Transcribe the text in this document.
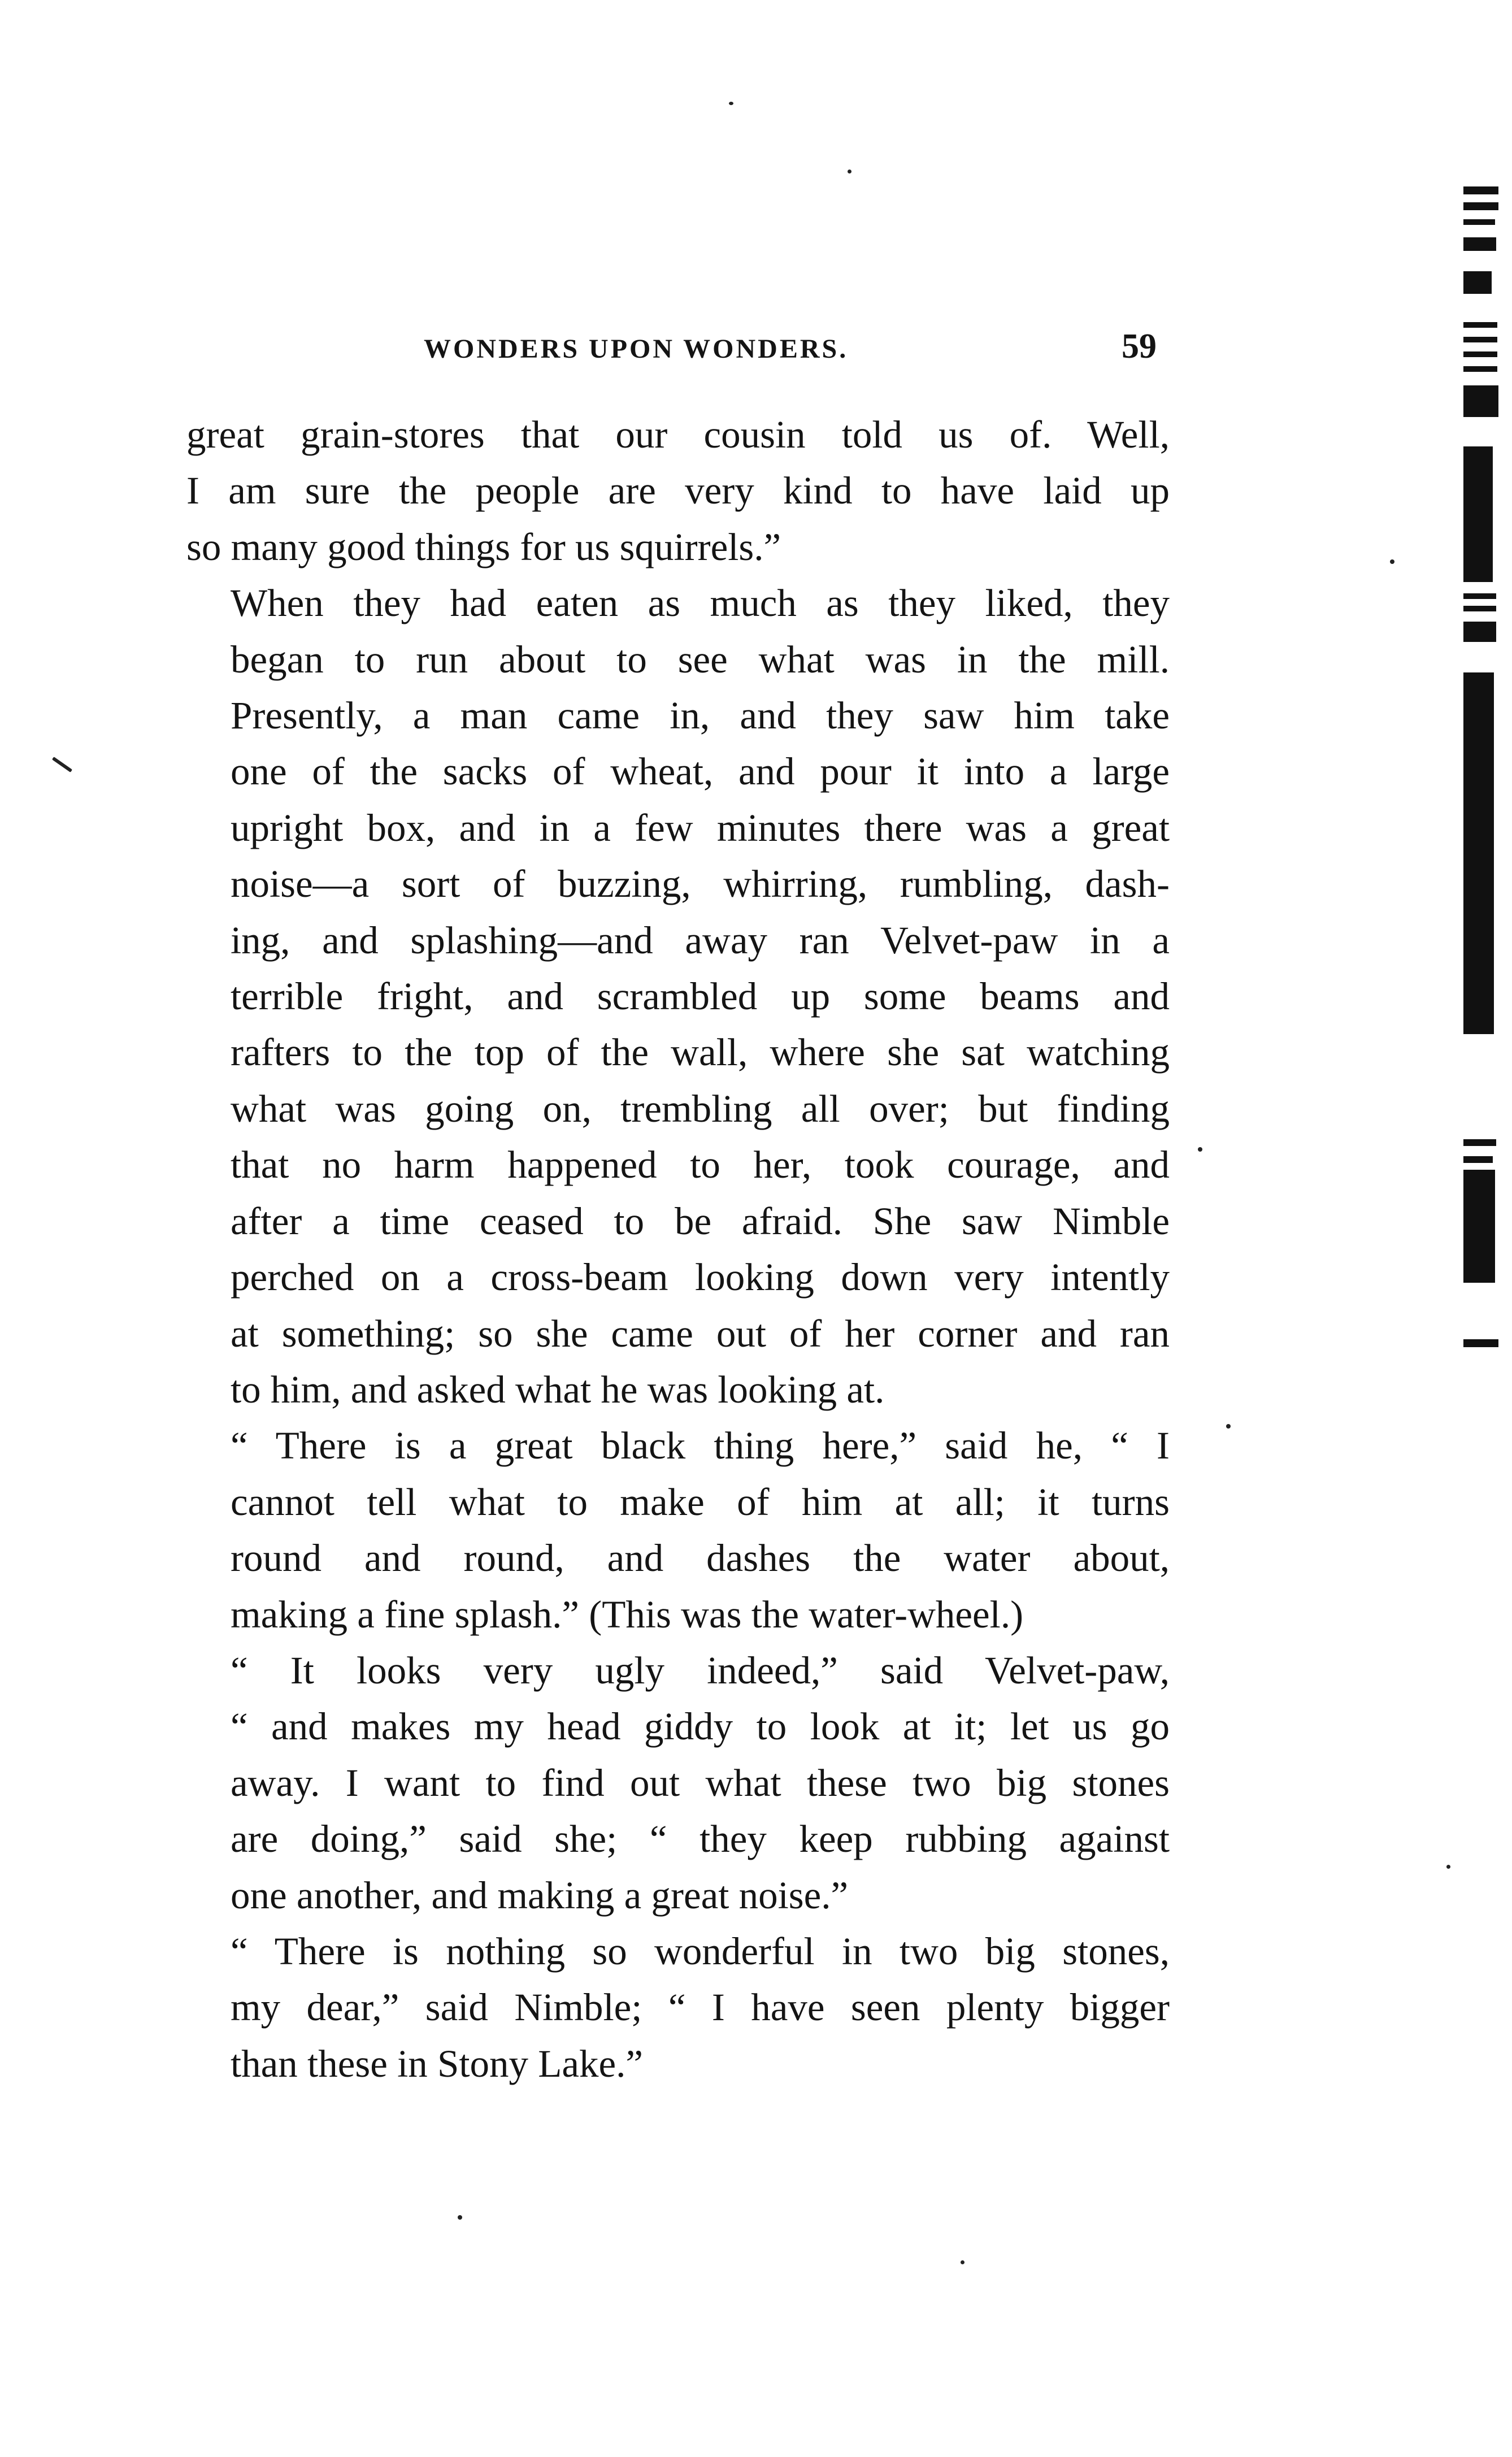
WONDERS UPON WONDERS.	59

great grain-stores that our cousin told us of. Well,
I am sure the people are very kind to have laid up
so many good things for us squirrels.”

When they had eaten as much as they liked, they
began to run about to see what was in the mill.
Presently, a man came in, and they saw him take
one of the sacks of wheat, and pour it into a large
upright box, and in a few minutes there was a great
noise—a sort of buzzing, whirring, rumbling, dash-
ing, and splashing—and away ran Velvet-paw in a
terrible fright, and scrambled up some beams and
rafters to the top of the wall, where she sat watching
what was going on, trembling all over; but finding
that no harm happened to her, took courage, and
after a time ceased to be afraid. She saw Nimble
perched on a cross-beam looking down very intently
at something; so she came out of her corner and ran
to him, and asked what he was looking at.

“ There is a great black thing here,” said he, “ I
cannot tell what to make of him at all; it turns
round and round, and dashes the water about,
making a fine splash.” (This was the water-wheel.)

“ It looks very ugly indeed,” said Velvet-paw,
“ and makes my head giddy to look at it; let us go
away. I want to find out what these two big stones
are doing,” said she; “ they keep rubbing against
one another, and making a great noise.”

“ There is nothing so wonderful in two big stones,
my dear,” said Nimble; “ I have seen plenty bigger
than these in Stony Lake.”
